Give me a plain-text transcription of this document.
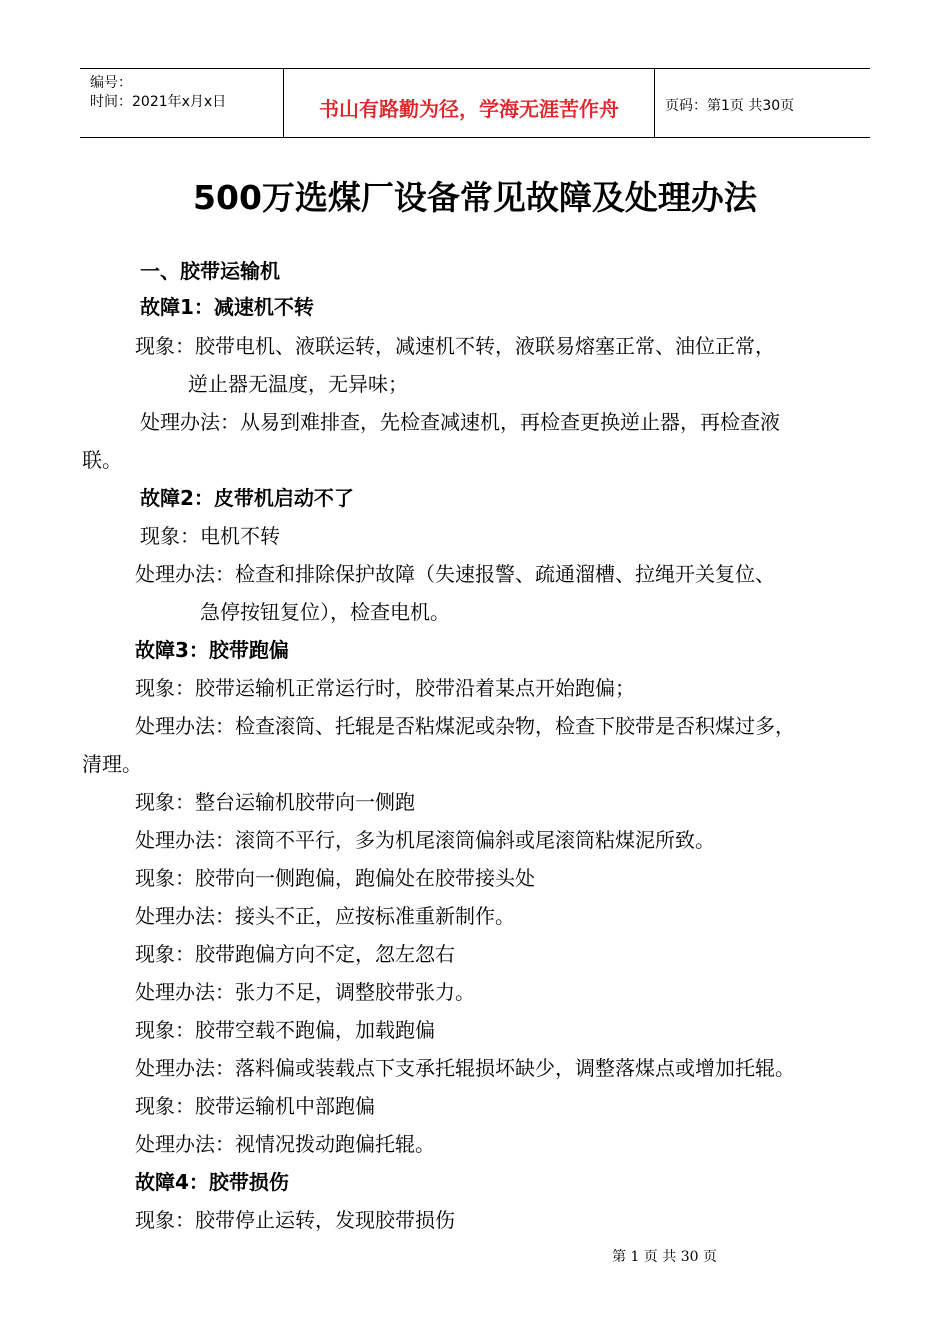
编号：
时间：2021年x月x日	书山有路勤为径，学海无涯苦作舟	页码：第1页 共30页
500万选煤厂设备常见故障及处理办法
一、胶带运输机
故障1：减速机不转
现象：胶带电机、液联运转，减速机不转，液联易熔塞正常、油位正常，
逆止器无温度，无异味；
处理办法：从易到难排查，先检查减速机，再检查更换逆止器，再检查液
联。
故障2：皮带机启动不了
现象：电机不转
处理办法：检查和排除保护故障（失速报警、疏通溜槽、拉绳开关复位、
急停按钮复位），检查电机。
故障3：胶带跑偏
现象：胶带运输机正常运行时，胶带沿着某点开始跑偏；
处理办法：检查滚筒、托辊是否粘煤泥或杂物，检查下胶带是否积煤过多，
清理。
现象：整台运输机胶带向一侧跑
处理办法：滚筒不平行，多为机尾滚筒偏斜或尾滚筒粘煤泥所致。
现象：胶带向一侧跑偏，跑偏处在胶带接头处
处理办法：接头不正，应按标准重新制作。
现象：胶带跑偏方向不定，忽左忽右
处理办法：张力不足，调整胶带张力。
现象：胶带空载不跑偏，加载跑偏
处理办法：落料偏或装载点下支承托辊损坏缺少，调整落煤点或增加托辊。
现象：胶带运输机中部跑偏
处理办法：视情况拨动跑偏托辊。
故障4：胶带损伤
现象：胶带停止运转，发现胶带损伤
第 1 页 共 30 页
